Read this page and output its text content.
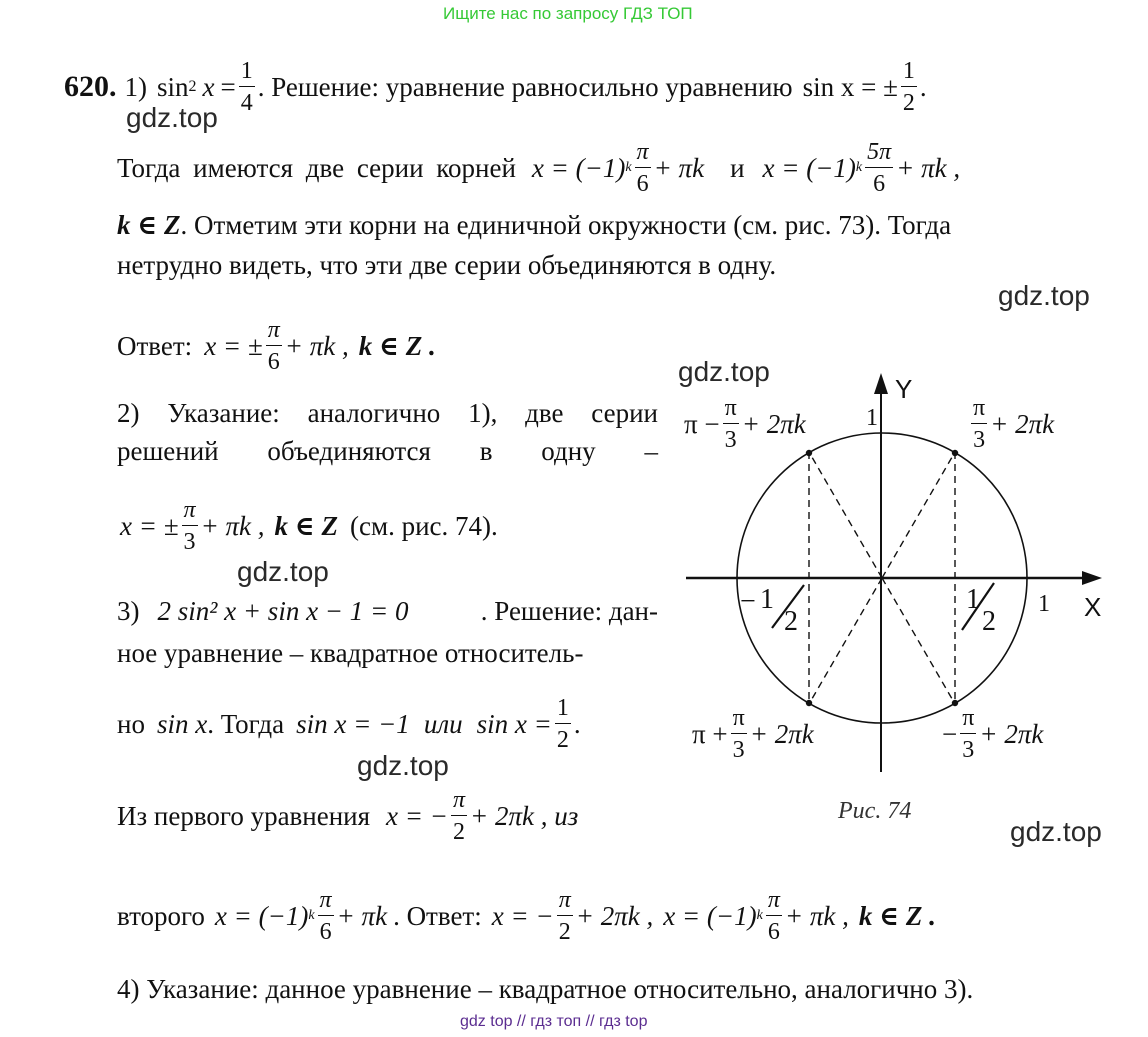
Ищите нас по запросу ГДЗ ТОП
620. 1) sin 2 $x = \frac{1}{4}$ . Решение: уравнение равносильно уравнению sin x = ± $\frac{1}{2}$ .
gdz.top
Тогда имеются две серии корней x = (−1) k $\frac{\pi}{6} + \pi k$ и x = (−1) k $\frac{5\pi}{6} + \pi k$ ,
k ∈ Z. Отметим эти корни на единичной окружности (см. рис. 73). Тогда
нетрудно видеть, что эти две серии объединяются в одну.
gdz.top
Ответ: x = ± $\frac{\pi}{6} + \pi k$ , k ∈ Z .
2) Указание: аналогично 1), две серии
решений объединяются в одну –
x = ± $\frac{\pi}{3} + \pi k$ , k ∈ Z (см. рис. 74).
gdz.top
3) 2 sin² x + sin x − 1 = 0	. Решение: дан-
ное уравнение – квадратное относитель-
но sin x . Тогда sin x = −1 или $\sin x = \frac{1}{2}$ .
gdz.top
Из первого уравнения x = − $\frac{\pi}{2} + 2\pi k$ , из
gdz.top
второго x = (−1) k $\frac{\pi}{6} + \pi k$ . Ответ: x = − $\frac{\pi}{2} + 2\pi k$ , x = (−1) k $\frac{\pi}{6} + \pi k$ , k ∈ Z .
4) Указание: данное уравнение – квадратное относительно, аналогично 3).
gdz top // гдз топ // гдз top
gdz.top
Y
X
1
1
− 1
2
1
2
$\pi - \frac{\pi}{3} + 2\pi k$	$\frac{\pi}{3} + 2\pi k$
$\pi + \frac{\pi}{3} + 2\pi k$	− $\frac{\pi}{3} + 2\pi k$
Рис. 74
